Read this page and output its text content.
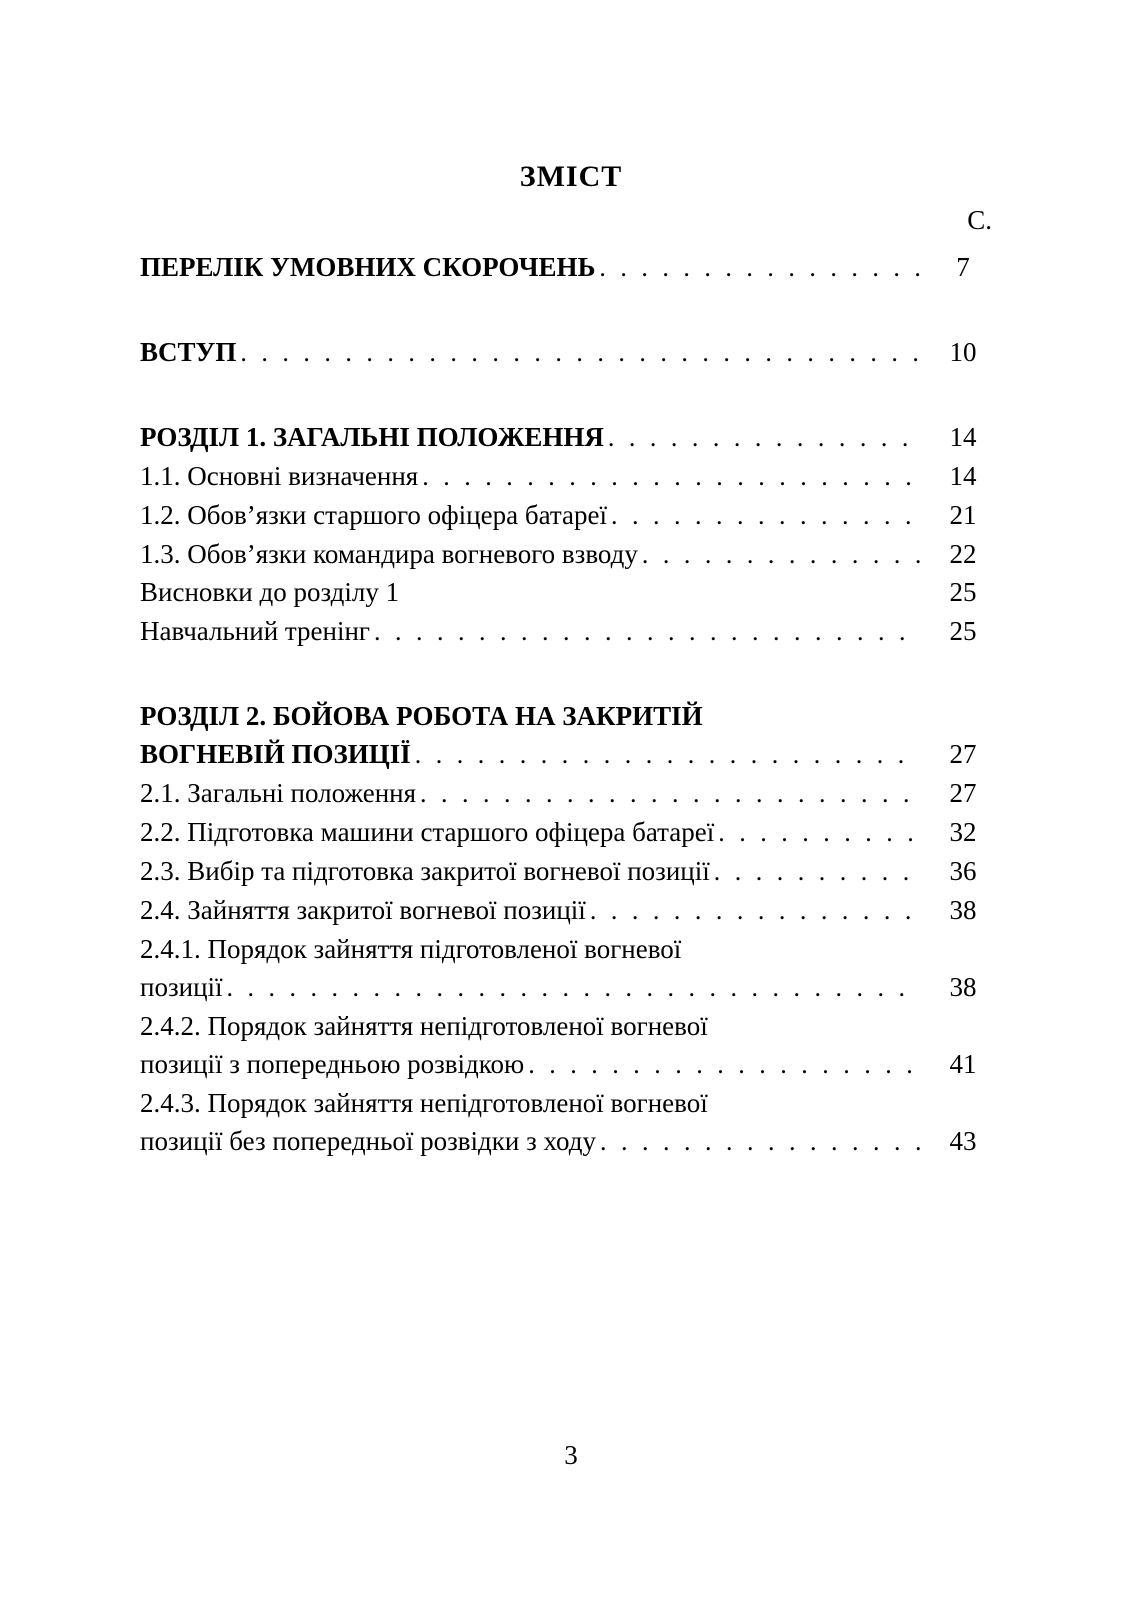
ЗМІСТ
С.
ПЕРЕЛІК УМОВНИХ СКОРОЧЕНЬ . . .	7
ВСТУП . . .	10
РОЗДІЛ 1. ЗАГАЛЬНІ ПОЛОЖЕННЯ . . .	14
1.1. Основні визначення . . .	14
1.2. Обов’язки старшого офіцера батареї . . .	21
1.3. Обов’язки командира вогневого взводу . . .	22
Висновки до розділу 1	25
Навчальний тренінг . . .	25
РОЗДІЛ 2. БОЙОВА РОБОТА НА ЗАКРИТІЙ
ВОГНЕВІЙ ПОЗИЦІЇ . . .	27
2.1. Загальні положення . . .	27
2.2. Підготовка машини старшого офіцера батареї . . .	32
2.3. Вибір та підготовка закритої вогневої позиції . . .	36
2.4. Зайняття закритої вогневої позиції . . .	38
2.4.1. Порядок зайняття підготовленої вогневої
позиції . . .	38
2.4.2. Порядок зайняття непідготовленої вогневої
позиції з попередньою розвідкою . . .	41
2.4.3. Порядок зайняття непідготовленої вогневої
позиції без попередньої розвідки з ходу . . .	43
3
